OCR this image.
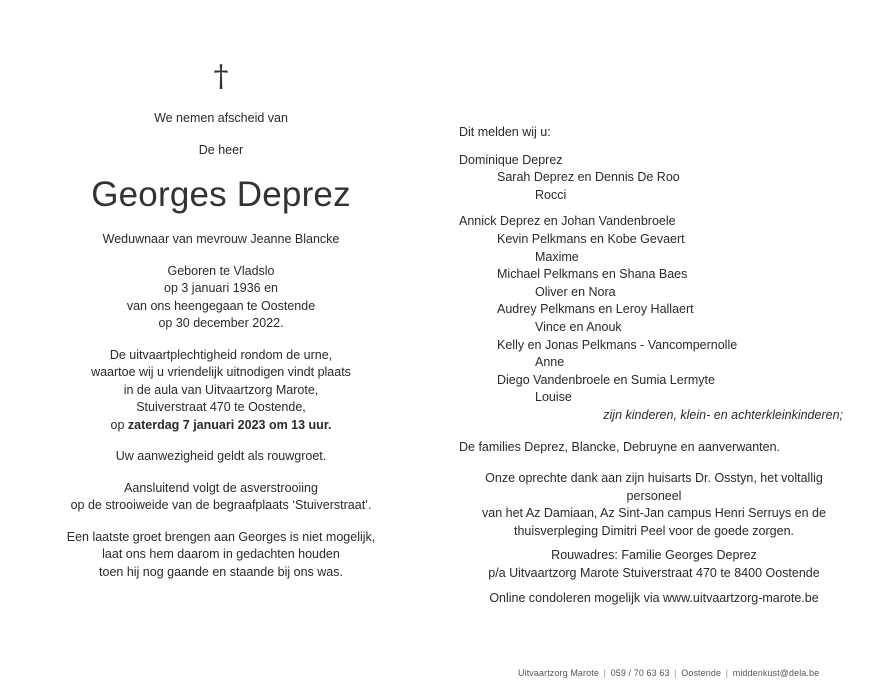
†

We nemen afscheid van

De heer

Georges Deprez

Weduwnaar van mevrouw Jeanne Blancke

Geboren te Vladslo

op 3 januari 1936 en

van ons heengegaan te Oostende

op 30 december 2022.

De uitvaartplechtigheid rondom de urne,

waartoe wij u vriendelijk uitnodigen vindt plaats

in de aula van Uitvaartzorg Marote,

Stuiverstraat 470 te Oostende,

op zaterdag 7 januari 2023 om 13 uur.

Uw aanwezigheid geldt als rouwgroet.

Aansluitend volgt de asverstrooiing

op de strooiweide van de begraafplaats ‘Stuiverstraat’.

Een laatste groet brengen aan Georges is niet mogelijk,

laat ons hem daarom in gedachten houden

toen hij nog gaande en staande bij ons was.

Dit melden wij u:

Dominique Deprez

Sarah Deprez en Dennis De Roo

Rocci

Annick Deprez en Johan Vandenbroele

Kevin Pelkmans en Kobe Gevaert

Maxime

Michael Pelkmans en Shana Baes

Oliver en Nora

Audrey Pelkmans en Leroy Hallaert

Vince en Anouk

Kelly en Jonas Pelkmans - Vancompernolle

Anne

Diego Vandenbroele en Sumia Lermyte

Louise

zijn kinderen, klein- en achterkleinkinderen;

De families Deprez, Blancke, Debruyne en aanverwanten.

Onze oprechte dank aan zijn huisarts Dr. Osstyn, het voltallig personeel

van het Az Damiaan, Az Sint-Jan campus Henri Serruys en de

thuisverpleging Dimitri Peel voor de goede zorgen.

Rouwadres: Familie Georges Deprez

p/a Uitvaartzorg Marote Stuiverstraat 470 te 8400 Oostende

Online condoleren mogelijk via www.uitvaartzorg-marote.be

Uitvaartzorg Marote | 059 / 70 63 63 | Oostende | middenkust@dela.be
